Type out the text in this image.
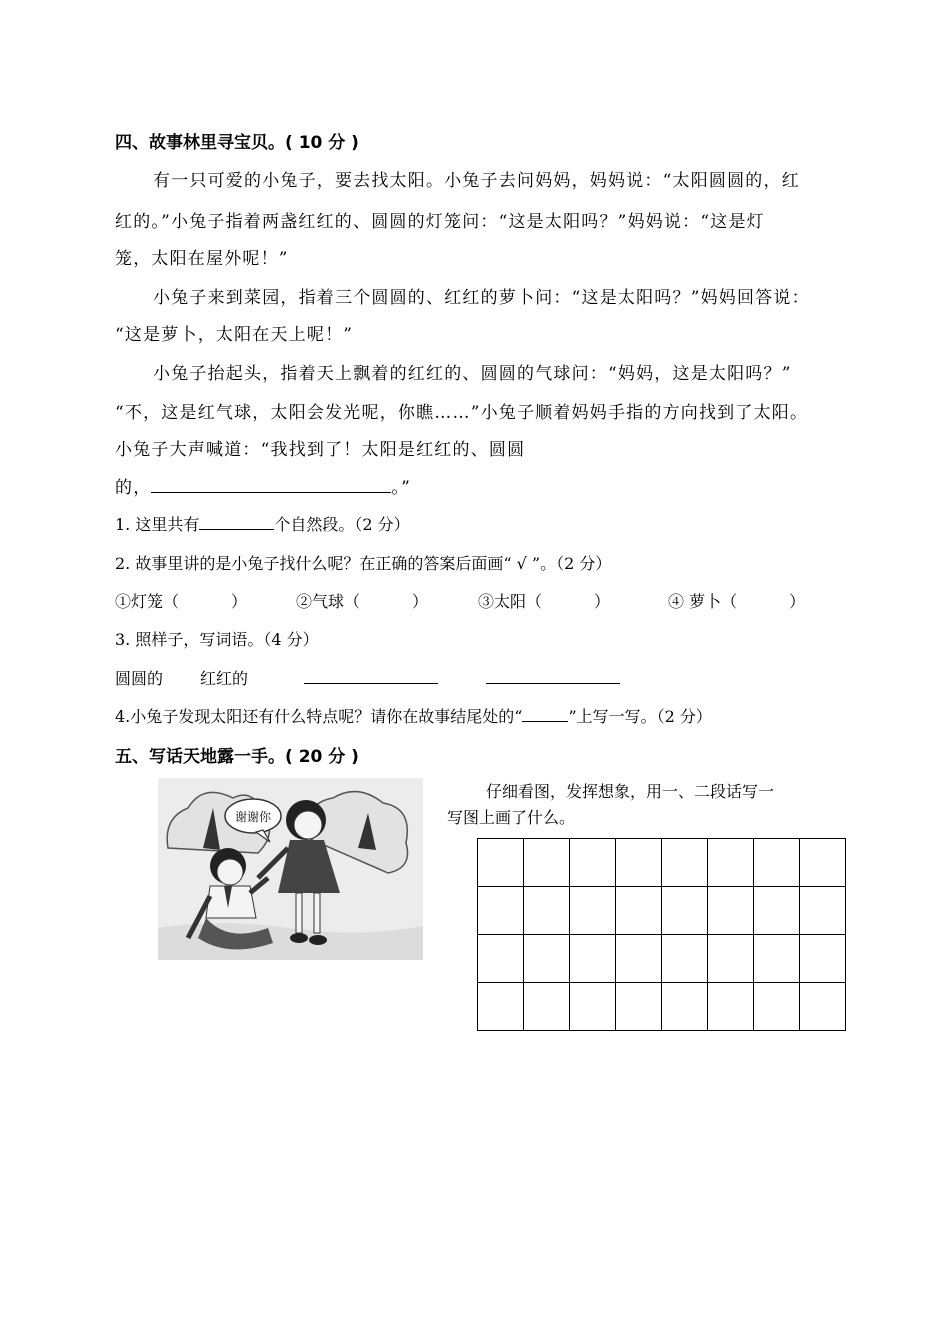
四、故事林里寻宝贝。( 10 分 )
有一只可爱的小兔子，要去找太阳。小兔子去问妈妈，妈妈说：“太阳圆圆的，红
红的。”小兔子指着两盏红红的、圆圆的灯笼问：“这是太阳吗？”妈妈说：“这是灯
笼，太阳在屋外呢！”
小兔子来到菜园，指着三个圆圆的、红红的萝卜问：“这是太阳吗？”妈妈回答说：
“这是萝卜，太阳在天上呢！”
小兔子抬起头，指着天上飘着的红红的、圆圆的气球问：“妈妈，这是太阳吗？”
“不，这是红气球，太阳会发光呢，你瞧……”小兔子顺着妈妈手指的方向找到了太阳。
小兔子大声喊道：“我找到了！太阳是红红的、圆圆
的，	。”
1. 这里共有	个自然段。（2 分）
2. 故事里讲的是小兔子找什么呢？在正确的答案后面画“ √ ”。（2 分）
①灯笼（	）	②气球（	）	③太阳（	）	④ 萝卜（	）
3. 照样子，写词语。（4 分）
圆圆的 红红的
4.小兔子发现太阳还有什么特点呢？请你在故事结尾处的“	”上写一写。（2 分）
五、写话天地露一手。( 20 分 )
谢谢你
仔细看图，发挥想象，用一、二段话写一
写图上画了什么。
